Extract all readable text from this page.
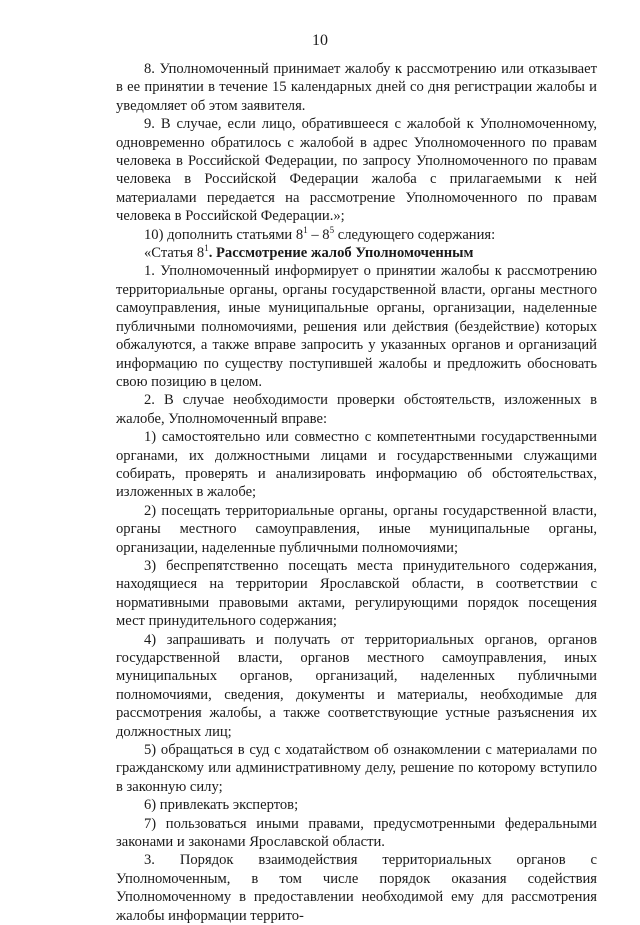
10

8. Уполномоченный принимает жалобу к рассмотрению или отказывает в ее принятии в течение 15 календарных дней со дня регистрации жалобы и уведомляет об этом заявителя.

9. В случае, если лицо, обратившееся с жалобой к Уполномоченному, одновременно обратилось с жалобой в адрес Уполномоченного по правам человека в Российской Федерации, по запросу Уполномоченного по правам человека в Российской Федерации жалоба с прилагаемыми к ней материалами передается на рассмотрение Уполномоченного по правам человека в Российской Федерации.»;

10) дополнить статьями $8^1 - 8^5$ следующего содержания:

«Статья $8^1$. Рассмотрение жалоб Уполномоченным

1. Уполномоченный информирует о принятии жалобы к рассмотрению территориальные органы, органы государственной власти, органы местного самоуправления, иные муниципальные органы, организации, наделенные публичными полномочиями, решения или действия (бездействие) которых обжалуются, а также вправе запросить у указанных органов и организаций информацию по существу поступившей жалобы и предложить обосновать свою позицию в целом.

2. В случае необходимости проверки обстоятельств, изложенных в жалобе, Уполномоченный вправе:

1) самостоятельно или совместно с компетентными государственными органами, их должностными лицами и государственными служащими собирать, проверять и анализировать информацию об обстоятельствах, изложенных в жалобе;

2) посещать территориальные органы, органы государственной власти, органы местного самоуправления, иные муниципальные органы, организации, наделенные публичными полномочиями;

3) беспрепятственно посещать места принудительного содержания, находящиеся на территории Ярославской области, в соответствии с нормативными правовыми актами, регулирующими порядок посещения мест принудительного содержания;

4) запрашивать и получать от территориальных органов, органов государственной власти, органов местного самоуправления, иных муниципальных органов, организаций, наделенных публичными полномочиями, сведения, документы и материалы, необходимые для рассмотрения жалобы, а также соответствующие устные разъяснения их должностных лиц;

5) обращаться в суд с ходатайством об ознакомлении с материалами по гражданскому или административному делу, решение по которому вступило в законную силу;

6) привлекать экспертов;

7) пользоваться иными правами, предусмотренными федеральными законами и законами Ярославской области.

3. Порядок взаимодействия территориальных органов с Уполномоченным, в том числе порядок оказания содействия Уполномоченному в предоставлении необходимой ему для рассмотрения жалобы информации террито-
